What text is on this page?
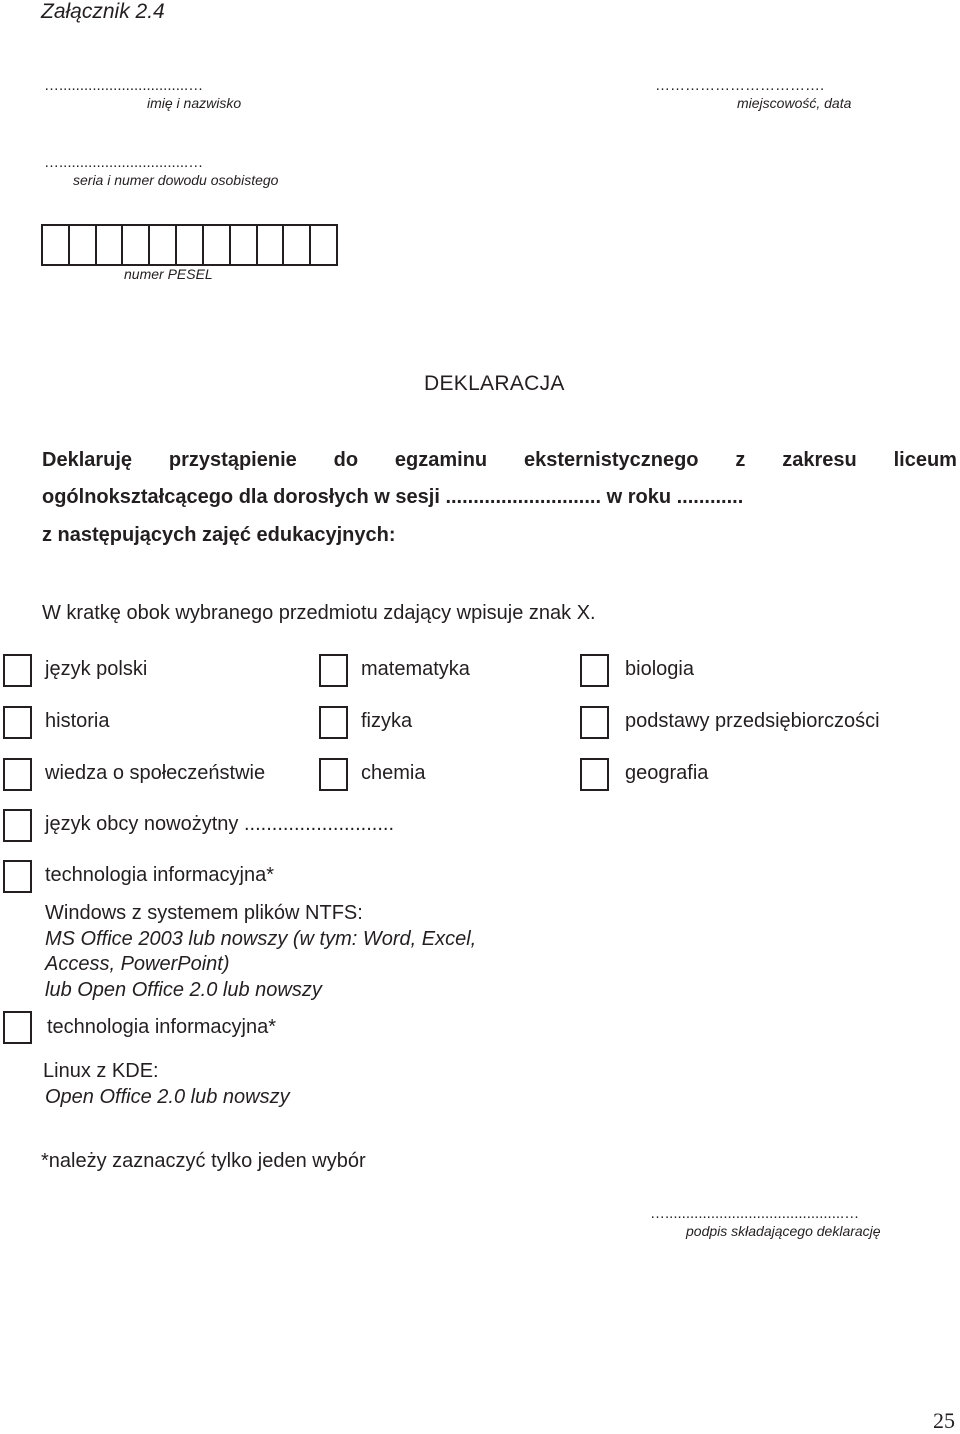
Załącznik 2.4
…...............................…
imię i nazwisko
…………………………….
miejscowość, data
…...............................…
seria i numer dowodu osobistego
numer PESEL
DEKLARACJA
Deklaruję przystąpienie do egzaminu eksternistycznego z zakresu liceum
ogólnokształcącego dla dorosłych w sesji ............................ w roku ............
z następujących zajęć edukacyjnych:
W kratkę obok wybranego przedmiotu zdający wpisuje znak X.
język polski	matematyka	biologia
historia	fizyka	podstawy przedsiębiorczości
wiedza o społeczeństwie	chemia	geografia
język obcy nowożytny ...........................
technologia informacyjna*
Windows z systemem plików NTFS:
MS Office 2003 lub nowszy (w tym: Word, Excel,
Access, PowerPoint)
lub Open Office 2.0 lub nowszy
technologia informacyjna*
Linux z KDE:
Open Office 2.0 lub nowszy
*należy zaznaczyć tylko jeden wybór
…...........................................…
podpis składającego deklarację
25
